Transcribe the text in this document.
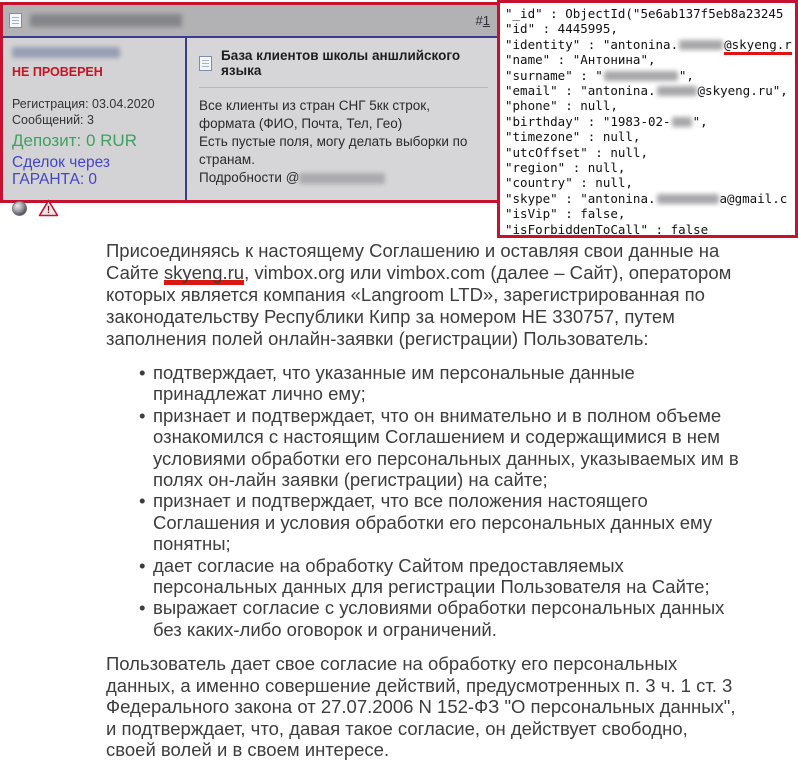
#1
НЕ ПРОВЕРЕН
Регистрация: 03.04.2020
Сообщений: 3
Депозит: 0 RUR
Сделок через
ГАРАНТА: 0
!
База клиентов школы аншлийского языка
Все клиенты из стран СНГ 5кк строк,
формата (ФИО, Почта, Тел, Гео)
Есть пустые поля, могу делать выборки по
странам.
Подробности @
"_id" : ObjectId("5e6ab137f5eb8a23245
"id" : 4445995,
"identity" : "antonina.	@skyeng.r
"name" : "Антонина",
"surname" : "	",
"email" : "antonina.	@skyeng.ru",
"phone" : null,
"birthday" : "1983-02- ",
"timezone" : null,
"utcOffset" : null,
"region" : null,
"country" : null,
"skype" : "antonina.	a@gmail.c
"isVip" : false,
"isForbiddenToCall" : false
Присоединяясь к настоящему Соглашению и оставляя свои данные на
Сайте skyeng.ru, vimbox.org или vimbox.com (далее – Сайт), оператором
которых является компания «Langroom LTD», зарегистрированная по
законодательству Республики Кипр за номером HE 330757, путем
заполнения полей онлайн-заявки (регистрации) Пользователь:
• подтверждает, что указанные им персональные данные
принадлежат лично ему;
• признает и подтверждает, что он внимательно и в полном объеме
ознакомился с настоящим Соглашением и содержащимися в нем
условиями обработки его персональных данных, указываемых им в
полях он-лайн заявки (регистрации) на сайте;
• признает и подтверждает, что все положения настоящего
Соглашения и условия обработки его персональных данных ему
понятны;
• дает согласие на обработку Сайтом предоставляемых
персональных данных для регистрации Пользователя на Сайте;
• выражает согласие с условиями обработки персональных данных
без каких-либо оговорок и ограничений.
Пользователь дает свое согласие на обработку его персональных
данных, а именно совершение действий, предусмотренных п. 3 ч. 1 ст. 3
Федерального закона от 27.07.2006 N 152-ФЗ "О персональных данных",
и подтверждает, что, давая такое согласие, он действует свободно,
своей волей и в своем интересе.
